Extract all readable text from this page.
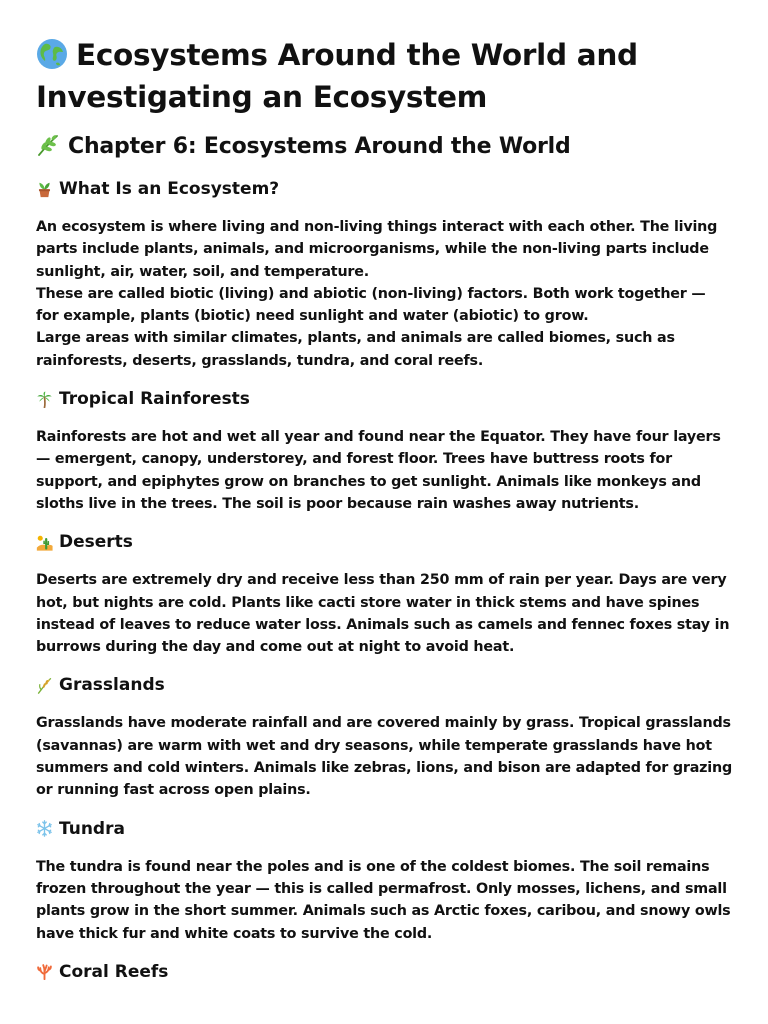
Ecosystems Around the World and Investigating an Ecosystem
Chapter 6: Ecosystems Around the World
What Is an Ecosystem?

An ecosystem is where living and non-living things interact with each other. The living parts include plants, animals, and microorganisms, while the non-living parts include sunlight, air, water, soil, and temperature.
These are called biotic (living) and abiotic (non-living) factors. Both work together — for example, plants (biotic) need sunlight and water (abiotic) to grow.
Large areas with similar climates, plants, and animals are called biomes, such as rainforests, deserts, grasslands, tundra, and coral reefs.

Tropical Rainforests

Rainforests are hot and wet all year and found near the Equator. They have four layers — emergent, canopy, understorey, and forest floor. Trees have buttress roots for support, and epiphytes grow on branches to get sunlight. Animals like monkeys and sloths live in the trees. The soil is poor because rain washes away nutrients.

Deserts

Deserts are extremely dry and receive less than 250 mm of rain per year. Days are very hot, but nights are cold. Plants like cacti store water in thick stems and have spines instead of leaves to reduce water loss. Animals such as camels and fennec foxes stay in burrows during the day and come out at night to avoid heat.

Grasslands

Grasslands have moderate rainfall and are covered mainly by grass. Tropical grasslands (savannas) are warm with wet and dry seasons, while temperate grasslands have hot summers and cold winters. Animals like zebras, lions, and bison are adapted for grazing or running fast across open plains.

Tundra

The tundra is found near the poles and is one of the coldest biomes. The soil remains frozen throughout the year — this is called permafrost. Only mosses, lichens, and small plants grow in the short summer. Animals such as Arctic foxes, caribou, and snowy owls have thick fur and white coats to survive the cold.

Coral Reefs
